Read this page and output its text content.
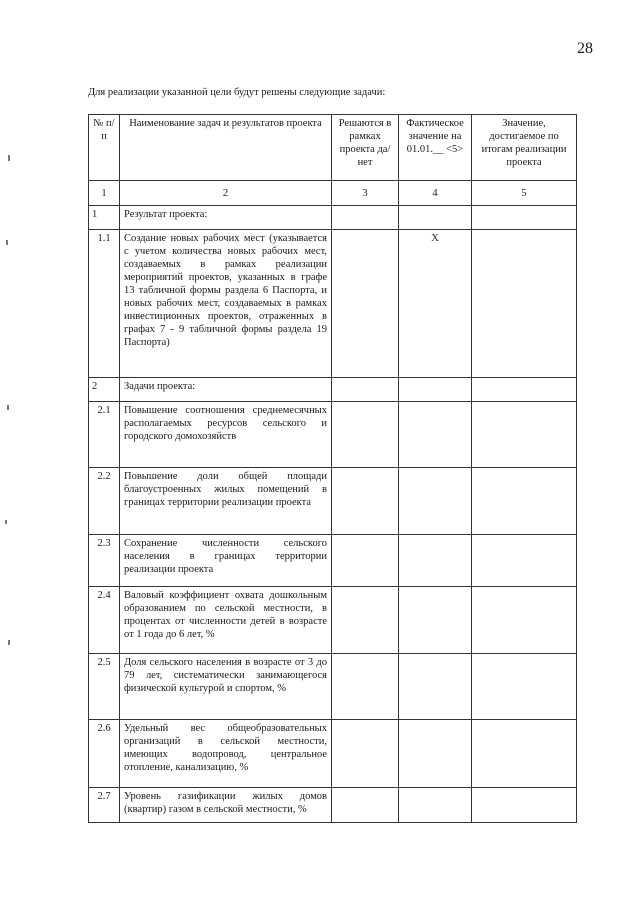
28
Для реализации указанной цели будут решены следующие задачи:
№ п/п	Наименование задач и результатов проекта	Решаются в рамках проекта да/нет	Фактическое значение на 01.01.__ <5>	Значение, достигаемое по итогам реализации проекта
1	2	3	4	5
1	Результат проекта:			
1.1	Создание новых рабочих мест (указывается с учетом количества новых рабочих мест, создаваемых в рамках реализации мероприятий проектов, указанных в графе 13 табличной формы раздела 6 Паспорта, и новых рабочих мест, создаваемых в рамках инвестиционных проектов, отраженных в графах 7 - 9 табличной формы раздела 19 Паспорта)		X	
2	Задачи проекта:			
2.1	Повышение соотношения среднемесячных располагаемых ресурсов сельского и городского домохозяйств			
2.2	Повышение доли общей площади благоустроенных жилых помещений в границах территории реализации проекта			
2.3	Сохранение численности сельского населения в границах территории реализации проекта			
2.4	Валовый коэффициент охвата дошкольным образованием по сельской местности, в процентах от численности детей в возрасте от 1 года до 6 лет, %			
2.5	Доля сельского населения в возрасте от 3 до 79 лет, систематически занимающегося физической культурой и спортом, %			
2.6	Удельный вес общеобразовательных организаций в сельской местности, имеющих водопровод, центральное отопление, канализацию, %			
2.7	Уровень газификации жилых домов (квартир) газом в сельской местности, %			
